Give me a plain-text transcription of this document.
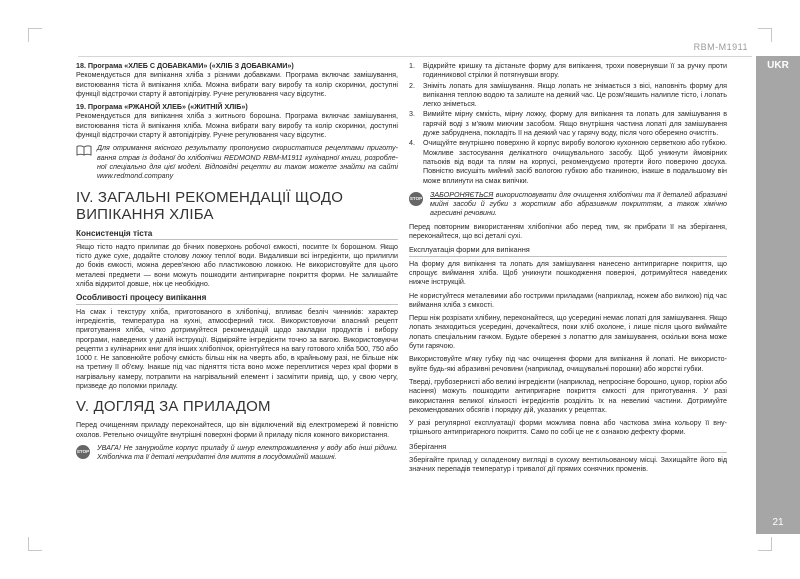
RBM-M1911
UKR
21

18. Програма «ХЛЕБ С ДОБАВКАМИ» («ХЛІБ З ДОБАВКАМИ»)

Рекомендується для випікання хліба з різними добавками. Програма включає замішування, вистоювання тіста й випікання хліба. Можна вибрати вагу виробу та колір скоринки, доступні функції відстрочки старту й автопідігріву. Ручне регулювання часу відсутнє.

19. Програма «РЖАНОЙ ХЛЕБ» («ЖИТНІЙ ХЛІБ»)

Рекомендується для випікання хліба з житнього борошна. Програма включає замішування, вистоювання тіста й випікання хліба. Можна вибрати вагу виробу та колір скоринки, доступні функції відстрочки старту й автопідігріву. Ручне регулювання часу відсутнє.

Для отримання якісного результату пропонуємо скористатися рецептами приготування страв із доданої до хлібопічки REDMOND RBM-M1911 кулінарної книги, розробленої спеціально для цієї моделі. Відповідні рецепти ви також можете знайти на сайті www.redmond.company
IV. ЗАГАЛЬНІ РЕКОМЕНДАЦІЇ ЩОДО ВИПІКАННЯ ХЛІБА
Консистенція тіста

Якщо тісто надто прилипає до бічних поверхонь робочої ємкості, посипте їх борошном. Якщо тісто дуже сухе, додайте столову ложку теплої води. Видаливши всі інгредієнти, що прилипли до боків ємкості, можна дерев'яною або пластиковою ложкою. Не використовуйте для цього металеві предмети — вони можуть пошкодити антипригарне покриття форми. Не залишайте хліба відкритої довше, ніж це необхідно.

Особливості процесу випікання

На смак і текстуру хліба, приготованого в хлібопічці, впливає безліч чинників: характер інгредієнтів, температура на кухні, атмосферний тиск. Використовуючи власний рецепт приготування хліба, чітко дотримуйтеся рекомендацій щодо закладки продуктів і вибору програми, наведених у даній інструкції. Відміряйте інгредієнти точно за вагою. Використовуючи рецепти з кулінарних книг для інших хлібопічок, орієнтуйтеся на вагу готового хліба 500, 750 або 1000 г. Не заповнюйте робочу ємкість більш ніж на чверть або, в крайньому разі, не більше ніж на третину її об'єму. Інакше під час підняття тіста воно може переплитися через краї форми в нагрівальну камеру, потрапити на нагрівальний елемент і засмітити привід, що, у свою чергу, призведе до поломки приладу.

V. ДОГЛЯД ЗА ПРИЛАДОМ

Перед очищенням приладу переконайтеся, що він відключений від електромережі й повністю охолов. Ретельно очищуйте внутрішні поверхні форми й приладу після кожного використання.

STOP УВАГА! Не занурюйте корпус приладу й шнур електроживлення у воду або інші рідини. Хлібопічка та її деталі непридатні для миття в посудомийній машині.
1.	Відкрийте кришку та дістаньте форму для випікання, трохи повернувши її за ручку проти годинникової стрілки й потягнувши вгору.
2.	Зніміть лопать для замішування. Якщо лопать не знімається з вісі, наповніть форму для випікання теплою водою та залиште на деякий час. Це розм'якшить налипле тісто, і лопать легко зніметься.
3.	Вимийте мірну ємкість, мірну ложку, форму для випікання та лопать для замішування в гарячій воді з м'яким миючим засобом. Якщо внутрішня частина лопаті для замішування дуже забруднена, покладіть її на деякий час у гарячу воду, після чого обережно очистіть.
4.	Очищуйте внутрішню поверхню й корпус виробу вологою кухонною серветкою або губкою. Можливе застосування делікатного очищувального засобу. Щоб уникнути ймовірних патьоків від води та плям на корпусі, рекомендуємо протерти його поверхню досуха. Повністю висушіть мийний засіб вологою губкою або тканиною, інакше в подальшому він може вплинути на смак випічки.
STOP ЗАБОРОНЯЄТЬСЯ використовувати для очищення хлібопічки та її деталей абразивні мийні засоби й губки з жорстким або абразивним покриттям, а також хімічно агресивні речовини.

Перед повторним використанням хлібопічки або перед тим, як прибрати її на зберігання, переконайтеся, що всі деталі сухі.

Експлуатація форми для випікання

На форму для випікання та лопать для замішування нанесено антипригарне покриття, що спрощує виймання хліба. Щоб уникнути пошкодження поверхні, дотримуйтеся наведених нижче інструкцій.

Не користуйтеся металевими або гострими приладами (наприклад, ножем або вилкою) під час виймання хліба з ємкості.

Перш ніж розрізати хлібину, переконайтеся, що усередині немає лопаті для замішування. Якщо лопать знаходиться усередині, дочекайтеся, поки хліб охолоне, і лише після цього виймайте лопать спеціальним гачком. Будьте обережні з лопаттю для замішування, оскільки вона може бути гарячою.

Використовуйте м'яку губку під час очищення форми для випікання й лопаті. Не використовуйте будь-які абразивні речовини (наприклад, очищувальні порошки) або жорсткі губки.

Тверді, грубозернисті або великі інгредієнти (наприклад, непросіяне борошно, цукор, горіхи або насіння) можуть пошкодити антипригарне покриття ємкості для приготування. У разі використання великої кількості інгредієнтів розділіть їх на невеликі частини. Дотримуйте рекомендованих обсягів і порядку дій, указаних у рецептах.

У разі регулярної експлуатації форми можлива повна або часткова зміна кольору її внутрішнього антипригарного покриття. Само по собі це не є ознакою дефекту форми.

Зберігання

Зберігайте прилад у складеному вигляді в сухому вентильованому місці. Захищайте його від значних перепадів температур і тривалої дії прямих сонячних променів.
